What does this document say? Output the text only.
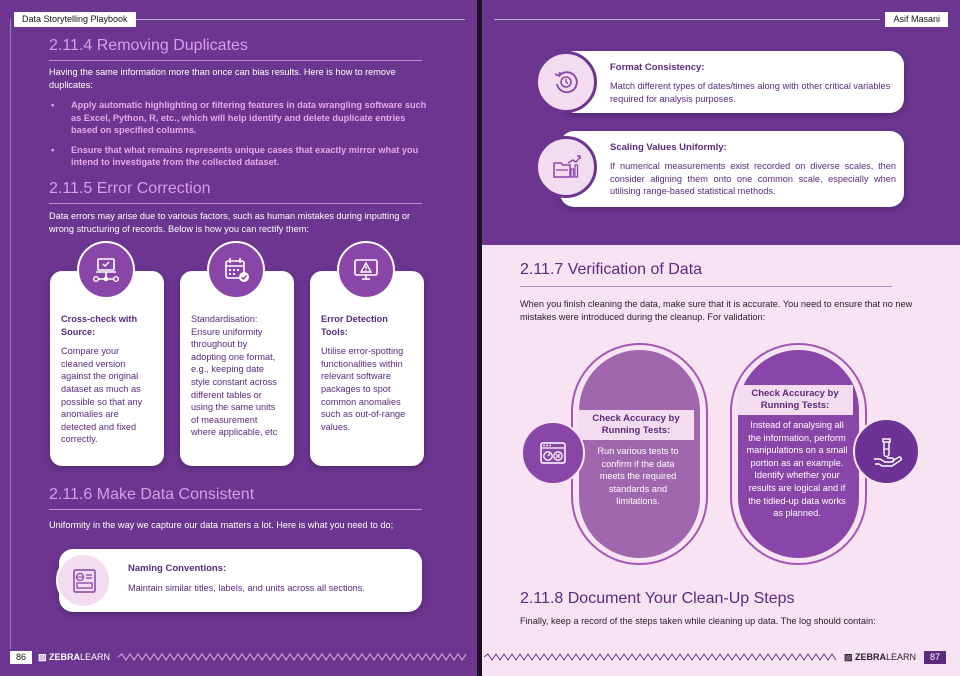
Data Storytelling Playbook
2.11.4 Removing Duplicates

Having the same information more than once can bias results. Here is how to remove duplicates:

• Apply automatic highlighting or filtering features in data wrangling software such as Excel, Python, R, etc., which will help identify and delete duplicate entries based on specified columns.
• Ensure that what remains represents unique cases that exactly mirror what you intend to investigate from the collected dataset.
2.11.5 Error Correction

Data errors may arise due to various factors, such as human mistakes during inputting or wrong structuring of records. Below is how you can rectify them:

Cross-check with Source:
Compare your cleaned version against the original dataset as much as possible so that any anomalies are detected and fixed correctly.
Standardisation:
Ensure uniformity throughout by adopting one format, e.g., keeping date style constant across different tables or using the same units of measurement where applicable, etc
Error Detection Tools:
Utilise error-spotting functionalities within relevant software packages to spot common anomalies such as out-of-range values.
2.11.6 Make Data Consistent

Uniformity in the way we capture our data matters a lot. Here is what you need to do;

Naming Conventions:
Maintain similar titles, labels, and units across all sections.
86	▨ ZEBRALEARN
Asif Masani
Format Consistency:
Match different types of dates/times along with other critical variables required for analysis purposes.
Scaling Values Uniformly:
If numerical measurements exist recorded on diverse scales, then consider aligning them onto one common scale, especially when utilising range-based statistical methods.
2.11.7 Verification of Data

When you finish cleaning the data, make sure that it is accurate. You need to ensure that no new mistakes were introduced during the cleanup. For validation:

Check Accuracy by Running Tests:
Run various tests to confirm if the data meets the required standards and limitations.
Check Accuracy by Running Tests:
Instead of analysing all the information, perform manipulations on a small portion as an example. Identify whether your results are logical and if the tidied-up data works as planned.
2.11.8 Document Your Clean-Up Steps

Finally, keep a record of the steps taken while cleaning up data. The log should contain:

▨ ZEBRALEARN	87
